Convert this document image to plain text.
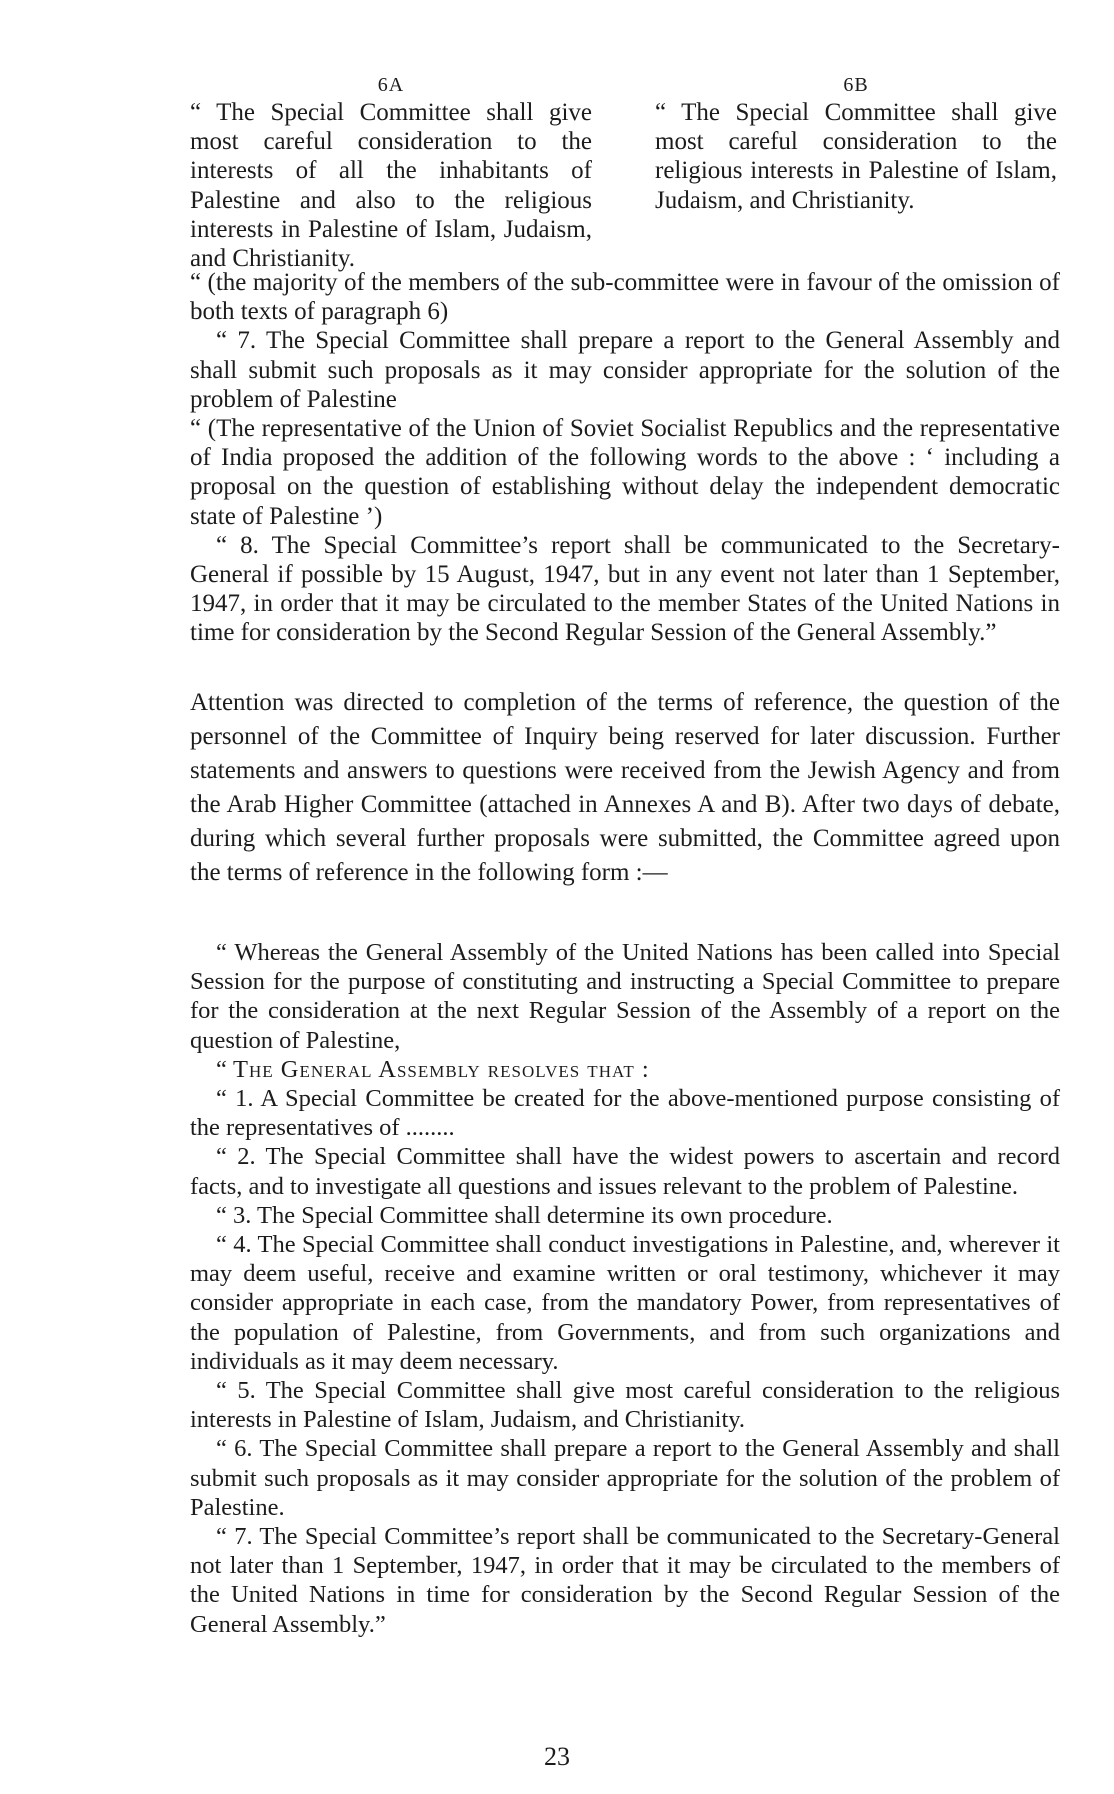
6A
“ The Special Committee shall give most careful consideration to the interests of all the inhabitants of Palestine and also to the religious interests in Palestine of Islam, Judaism, and Christianity.
6B
“ The Special Committee shall give most careful consideration to the religious interests in Palestine of Islam, Judaism, and Christianity.

“ (the majority of the members of the sub-committee were in favour of the omission of both texts of paragraph 6)

“ 7. The Special Committee shall prepare a report to the General Assembly and shall submit such proposals as it may consider appropriate for the solution of the problem of Palestine

“ (The representative of the Union of Soviet Socialist Republics and the representative of India proposed the addition of the following words to the above : ‘ including a proposal on the question of establishing without delay the independent democratic state of Palestine ’)

“ 8. The Special Committee’s report shall be communicated to the Secretary-General if possible by 15 August, 1947, but in any event not later than 1 September, 1947, in order that it may be circulated to the member States of the United Nations in time for consideration by the Second Regular Session of the General Assembly.”

Attention was directed to completion of the terms of reference, the question of the personnel of the Committee of Inquiry being reserved for later discussion. Further statements and answers to questions were received from the Jewish Agency and from the Arab Higher Committee (attached in Annexes A and B). After two days of debate, during which several further proposals were submitted, the Committee agreed upon the terms of reference in the following form :—

“ Whereas the General Assembly of the United Nations has been called into Special Session for the purpose of constituting and instructing a Special Committee to prepare for the consideration at the next Regular Session of the Assembly of a report on the question of Palestine,

“ The General Assembly resolves that :

“ 1. A Special Committee be created for the above-mentioned purpose consisting of the representatives of ........

“ 2. The Special Committee shall have the widest powers to ascertain and record facts, and to investigate all questions and issues relevant to the problem of Palestine.

“ 3. The Special Committee shall determine its own procedure.

“ 4. The Special Committee shall conduct investigations in Palestine, and, wherever it may deem useful, receive and examine written or oral testimony, whichever it may consider appropriate in each case, from the mandatory Power, from representatives of the population of Palestine, from Governments, and from such organizations and individuals as it may deem necessary.

“ 5. The Special Committee shall give most careful consideration to the religious interests in Palestine of Islam, Judaism, and Christianity.

“ 6. The Special Committee shall prepare a report to the General Assembly and shall submit such proposals as it may consider appropriate for the solution of the problem of Palestine.

“ 7. The Special Committee’s report shall be communicated to the Secretary-General not later than 1 September, 1947, in order that it may be circulated to the members of the United Nations in time for consideration by the Second Regular Session of the General Assembly.”

23
